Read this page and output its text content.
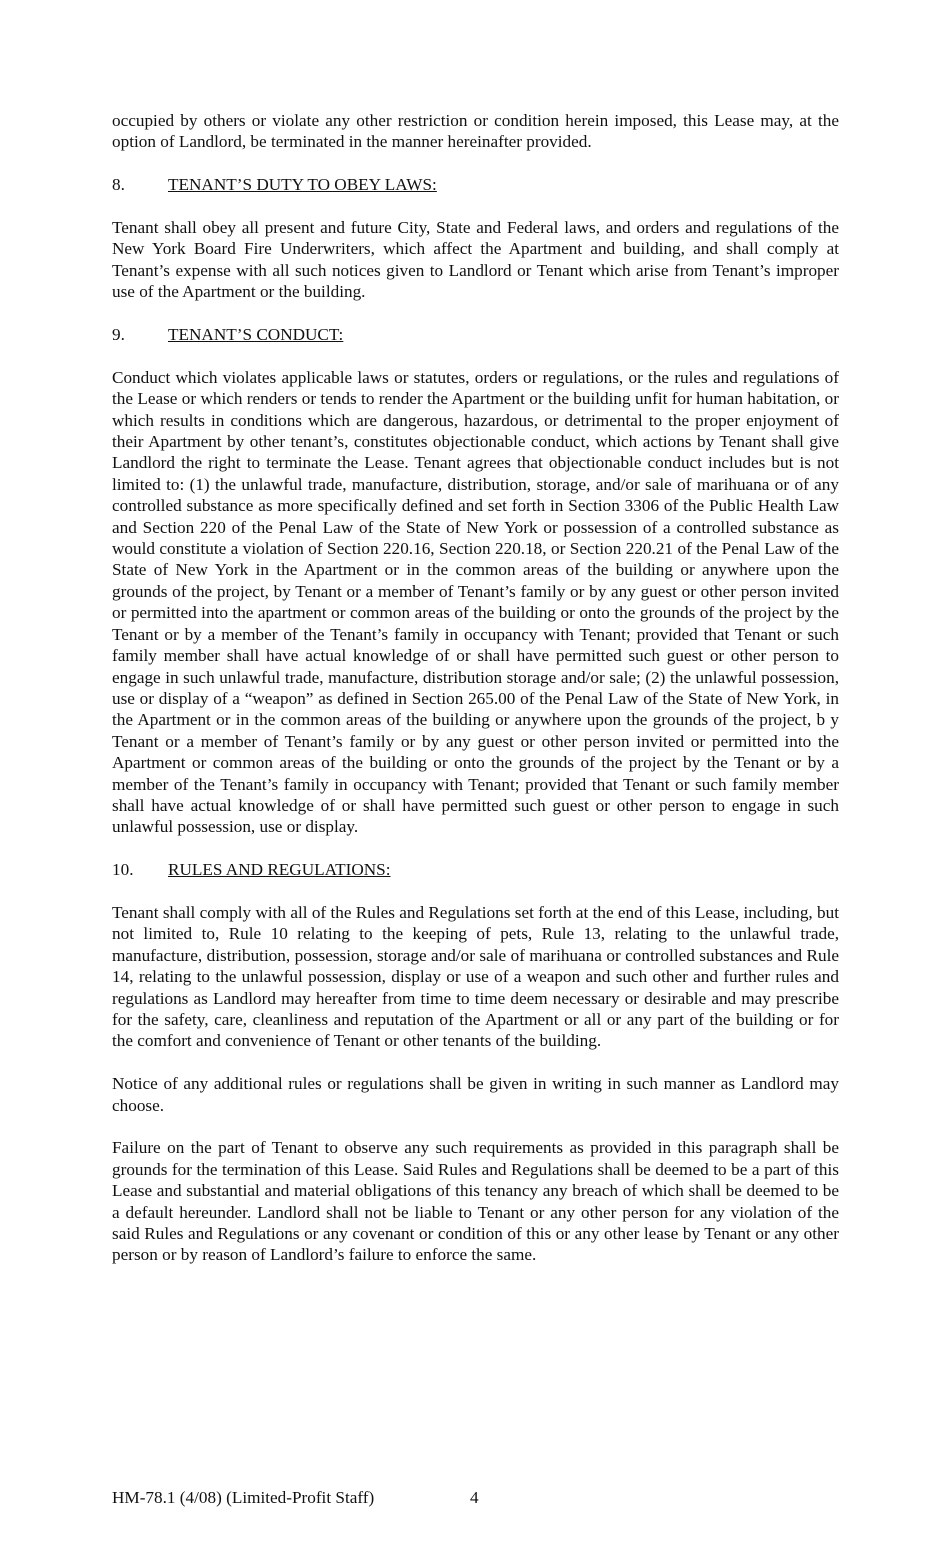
occupied by others or violate any other restriction or condition herein imposed, this Lease may, at the option of Landlord, be terminated in the manner hereinafter provided.

8.	TENANT’S DUTY TO OBEY LAWS:

Tenant shall obey all present and future City, State and Federal laws, and orders and regulations of the New York Board Fire Underwriters, which affect the Apartment and building, and shall comply at Tenant’s expense with all such notices given to Landlord or Tenant which arise from Tenant’s improper use of the Apartment or the building.

9.	TENANT’S CONDUCT:

Conduct which violates applicable laws or statutes, orders or regulations, or the rules and regulations of the Lease or which renders or tends to render the Apartment or the building unfit for human habitation, or which results in conditions which are dangerous, hazardous, or detrimental to the proper enjoyment of their Apartment by other tenant’s, constitutes objectionable conduct, which actions by Tenant shall give Landlord the right to terminate the Lease. Tenant agrees that objectionable conduct includes but is not limited to: (1) the unlawful trade, manufacture, distribution, storage, and/or sale of marihuana or of any controlled substance as more specifically defined and set forth in Section 3306 of the Public Health Law and Section 220 of the Penal Law of the State of New York or possession of a controlled substance as would constitute a violation of Section 220.16, Section 220.18, or Section 220.21 of the Penal Law of the State of New York in the Apartment or in the common areas of the building or anywhere upon the grounds of the project, by Tenant or a member of Tenant’s family or by any guest or other person invited or permitted into the apartment or common areas of the building or onto the grounds of the project by the Tenant or by a member of the Tenant’s family in occupancy with Tenant; provided that Tenant or such family member shall have actual knowledge of or shall have permitted such guest or other person to engage in such unlawful trade, manufacture, distribution storage and/or sale; (2) the unlawful possession, use or display of a “weapon” as defined in Section 265.00 of the Penal Law of the State of New York, in the Apartment or in the common areas of the building or anywhere upon the grounds of the project, b y Tenant or a member of Tenant’s family or by any guest or other person invited or permitted into the Apartment or common areas of the building or onto the grounds of the project by the Tenant or by a member of the Tenant’s family in occupancy with Tenant; provided that Tenant or such family member shall have actual knowledge of or shall have permitted such guest or other person to engage in such unlawful possession, use or display.

10.	RULES AND REGULATIONS:

Tenant shall comply with all of the Rules and Regulations set forth at the end of this Lease, including, but not limited to, Rule 10 relating to the keeping of pets, Rule 13, relating to the unlawful trade, manufacture, distribution, possession, storage and/or sale of marihuana or controlled substances and Rule 14, relating to the unlawful possession, display or use of a weapon and such other and further rules and regulations as Landlord may hereafter from time to time deem necessary or desirable and may prescribe for the safety, care, cleanliness and reputation of the Apartment or all or any part of the building or for the comfort and convenience of Tenant or other tenants of the building.

Notice of any additional rules or regulations shall be given in writing in such manner as Landlord may choose.

Failure on the part of Tenant to observe any such requirements as provided in this paragraph shall be grounds for the termination of this Lease. Said Rules and Regulations shall be deemed to be a part of this Lease and substantial and material obligations of this tenancy any breach of which shall be deemed to be a default hereunder. Landlord shall not be liable to Tenant or any other person for any violation of the said Rules and Regulations or any covenant or condition of this or any other lease by Tenant or any other person or by reason of Landlord’s failure to enforce the same.

HM-78.1 (4/08) (Limited-Profit Staff)	4
